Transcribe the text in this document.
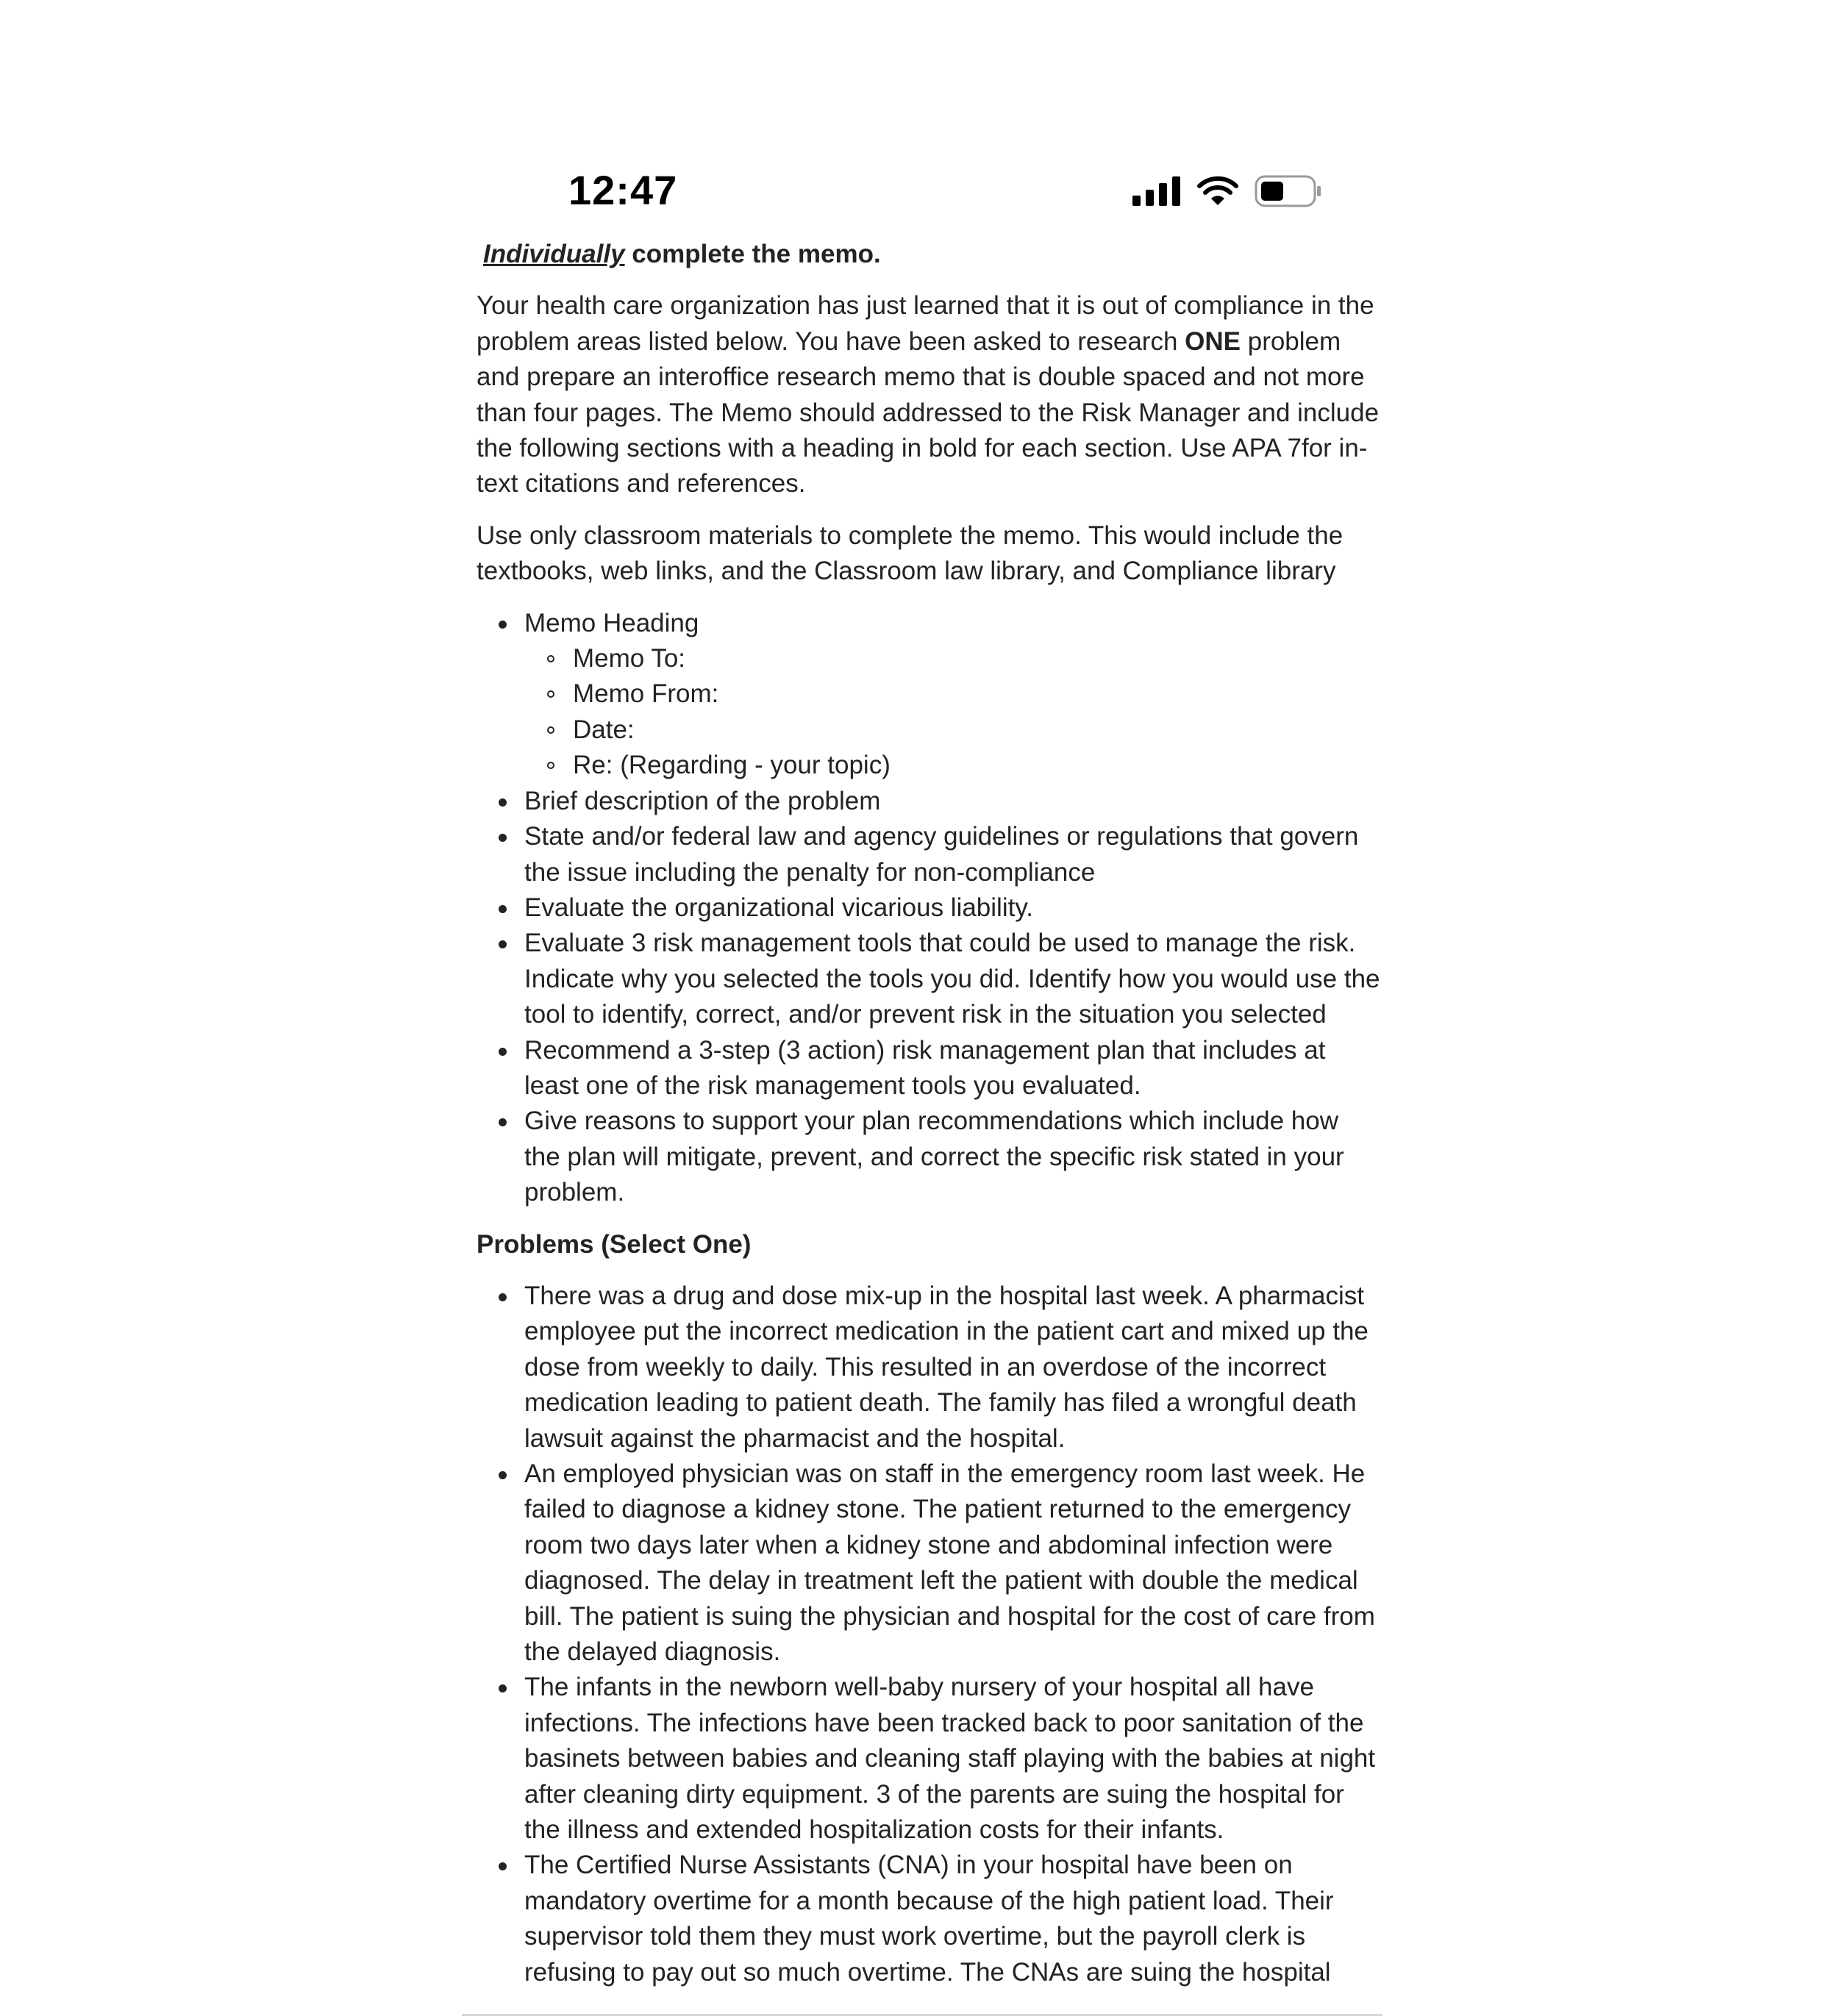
12:47

Individually complete the memo.

Your health care organization has just learned that it is out of compliance in the problem areas listed below. You have been asked to research ONE problem and prepare an interoffice research memo that is double spaced and not more than four pages. The Memo should addressed to the Risk Manager and include the following sections with a heading in bold for each section. Use APA 7for in-text citations and references.

Use only classroom materials to complete the memo. This would include the textbooks, web links, and the Classroom law library, and Compliance library

Memo Heading
Memo To:
Memo From:
Date:
Re: (Regarding - your topic)
Brief description of the problem
State and/or federal law and agency guidelines or regulations that govern the issue including the penalty for non-compliance
Evaluate the organizational vicarious liability.
Evaluate 3 risk management tools that could be used to manage the risk. Indicate why you selected the tools you did. Identify how you would use the tool to identify, correct, and/or prevent risk in the situation you selected
Recommend a 3-step (3 action) risk management plan that includes at least one of the risk management tools you evaluated.
Give reasons to support your plan recommendations which include how the plan will mitigate, prevent, and correct the specific risk stated in your problem.

Problems (Select One)

There was a drug and dose mix-up in the hospital last week. A pharmacist employee put the incorrect medication in the patient cart and mixed up the dose from weekly to daily. This resulted in an overdose of the incorrect medication leading to patient death. The family has filed a wrongful death lawsuit against the pharmacist and the hospital.
An employed physician was on staff in the emergency room last week. He failed to diagnose a kidney stone. The patient returned to the emergency room two days later when a kidney stone and abdominal infection were diagnosed. The delay in treatment left the patient with double the medical bill. The patient is suing the physician and hospital for the cost of care from the delayed diagnosis.
The infants in the newborn well-baby nursery of your hospital all have infections. The infections have been tracked back to poor sanitation of the basinets between babies and cleaning staff playing with the babies at night after cleaning dirty equipment. 3 of the parents are suing the hospital for the illness and extended hospitalization costs for their infants.
The Certified Nurse Assistants (CNA) in your hospital have been on mandatory overtime for a month because of the high patient load. Their supervisor told them they must work overtime, but the payroll clerk is refusing to pay out so much overtime. The CNAs are suing the hospital
